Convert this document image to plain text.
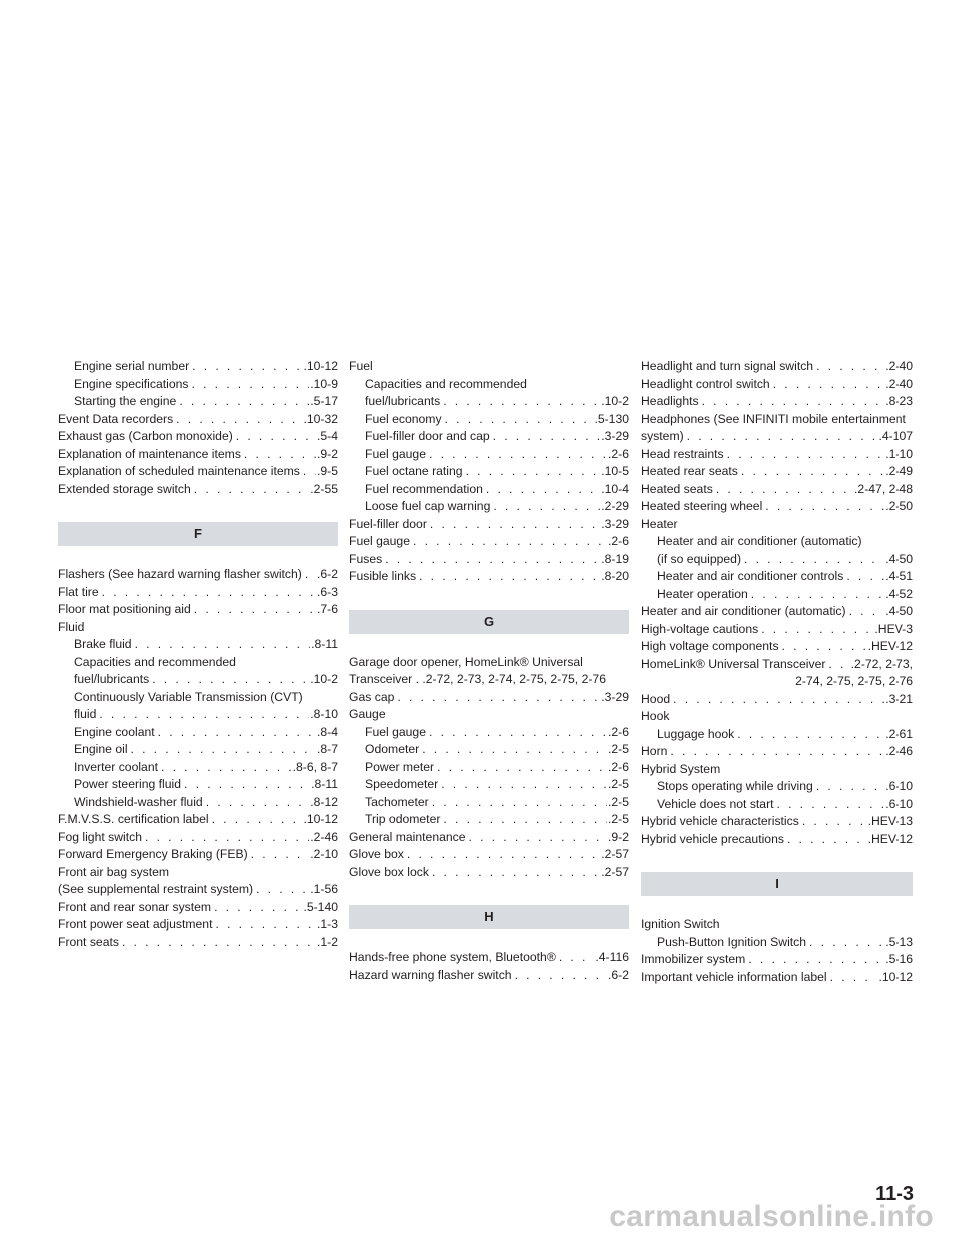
Engine serial number . . .	.10-12
Engine specifications . . .	.10-9
Starting the engine . . .	.5-17
Event Data recorders . . .	.10-32
Exhaust gas (Carbon monoxide) . . .	.5-4
Explanation of maintenance items . . .	.9-2
Explanation of scheduled maintenance items . . . .9-5
Extended storage switch . . .	.2-55
F
Flashers (See hazard warning flasher switch) . . . .6-2
Flat tire . . .	.6-3
Floor mat positioning aid . . .	.7-6
Fluid
Brake fluid . . .	.8-11
Capacities and recommended
fuel/lubricants . . .	.10-2
Continuously Variable Transmission (CVT)
fluid . . .	.8-10
Engine coolant . . .	.8-4
Engine oil . . .	.8-7
Inverter coolant . . .	.8-6, 8-7
Power steering fluid . . .	.8-11
Windshield-washer fluid . . .	.8-12
F.M.V.S.S. certification label . . .	.10-12
Fog light switch . . .	.2-46
Forward Emergency Braking (FEB) . . .	.2-10
Front air bag system
(See supplemental restraint system) . . .	.1-56
Front and rear sonar system . . .	.5-140
Front power seat adjustment . . .	.1-3
Front seats . . .	.1-2
Fuel
Capacities and recommended
fuel/lubricants . . .	.10-2
Fuel economy . . .	.5-130
Fuel-filler door and cap . . .	.3-29
Fuel gauge . . .	.2-6
Fuel octane rating . . .	.10-5
Fuel recommendation . . .	.10-4
Loose fuel cap warning . . .	.2-29
Fuel-filler door . . .	.3-29
Fuel gauge . . .	.2-6
Fuses . . .	.8-19
Fusible links . . .	.8-20
G
Garage door opener, HomeLink® Universal
Transceiver . .2-72, 2-73, 2-74, 2-75, 2-75, 2-76
Gas cap . . .	.3-29
Gauge
Fuel gauge . . .	.2-6
Odometer . . .	.2-5
Power meter . . .	.2-6
Speedometer . . .	.2-5
Tachometer . . .	.2-5
Trip odometer . . .	.2-5
General maintenance . . .	.9-2
Glove box . . .	.2-57
Glove box lock . . .	.2-57
H
Hands-free phone system, Bluetooth® . . .	.4-116
Hazard warning flasher switch . . .	.6-2
Headlight and turn signal switch . . .	.2-40
Headlight control switch . . .	.2-40
Headlights . . .	.8-23
Headphones (See INFINITI mobile entertainment
system) . . .	.4-107
Head restraints . . .	.1-10
Heated rear seats . . .	.2-49
Heated seats . . .	.2-47, 2-48
Heated steering wheel . . .	.2-50
Heater
Heater and air conditioner (automatic)
(if so equipped) . . .	.4-50
Heater and air conditioner controls . . .	.4-51
Heater operation . . .	.4-52
Heater and air conditioner (automatic) . . .	.4-50
High-voltage cautions . . .	.HEV-3
High voltage components . . .	.HEV-12
HomeLink® Universal Transceiver . . . .2-72, 2-73,
2-74, 2-75, 2-75, 2-76
Hood . . .	.3-21
Hook
Luggage hook . . .	.2-61
Horn . . .	.2-46
Hybrid System
Stops operating while driving . . .	.6-10
Vehicle does not start . . .	.6-10
Hybrid vehicle characteristics . . .	.HEV-13
Hybrid vehicle precautions . . .	.HEV-12
I
Ignition Switch
Push-Button Ignition Switch . . .	.5-13
Immobilizer system . . .	.5-16
Important vehicle information label . . .	.10-12
11-3
carmanualsonline.info
